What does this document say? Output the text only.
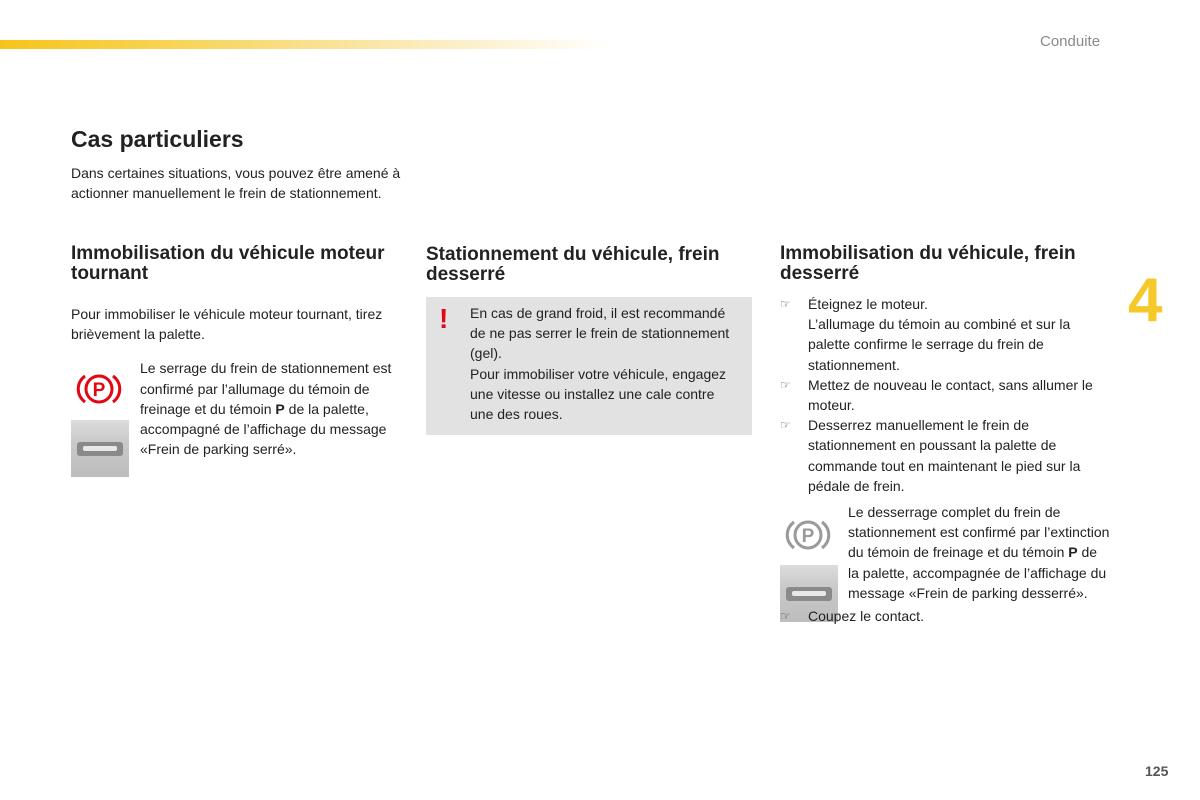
Conduite
4
125
Cas particuliers

Dans certaines situations, vous pouvez être amené à actionner manuellement le frein de stationnement.

Immobilisation du véhicule moteur tournant

Pour immobiliser le véhicule moteur tournant, tirez brièvement la palette.

P

Le serrage du frein de stationnement est confirmé par l’allumage du témoin de freinage et du témoin P de la palette, accompagné de l’affichage du message «Frein de parking serré».

Stationnement du véhicule, frein desserré
! En cas de grand froid, il est recommandé de ne pas serrer le frein de stationnement (gel).
Pour immobiliser votre véhicule, engagez une vitesse ou installez une cale contre une des roues.

Immobilisation du véhicule, frein desserré
☞ Éteignez le moteur.
L’allumage du témoin au combiné et sur la palette confirme le serrage du frein de stationnement.
☞ Mettez de nouveau le contact, sans allumer le moteur.
☞ Desserrez manuellement le frein de stationnement en poussant la palette de commande tout en maintenant le pied sur la pédale de frein.
P

Le desserrage complet du frein de stationnement est confirmé par l’extinction du témoin de freinage et du témoin P de la palette, accompagnée de l’affichage du message «Frein de parking desserré».

☞ Coupez le contact.
